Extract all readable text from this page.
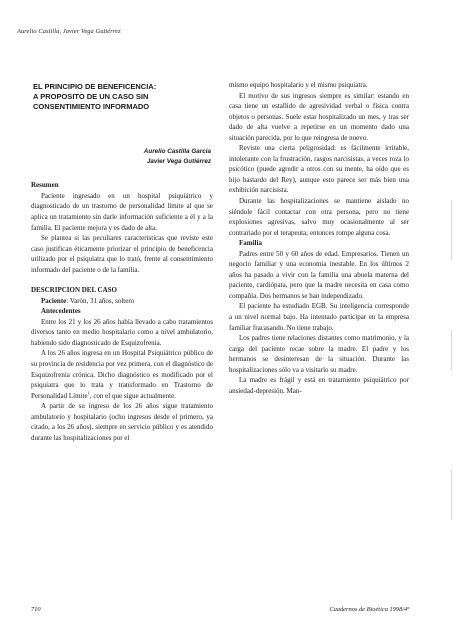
Aurelio Castilla, Javier Vega Gutiérrez
EL PRINCIPIO DE BENEFICENCIA:
A PROPOSITO DE UN CASO SIN
CONSENTIMIENTO INFORMADO
Aurelio Castilla García
Javier Vega Gutiérrez
Resumen

Paciente ingresado en un hospital psiquiátrico y diagnosticado de un trastorno de personalidad límite al que se aplica un tratamiento sin darle información suficiente a él y a la familia. El paciente mejora y es dado de alta.

Se plantea si las peculiares características que reviste este caso justifican éticamente priorizar el principio de beneficencia utilizado por el psiquiatra que lo trató, frente al consentimiento informado del paciente o de la familia.

DESCRIPCION DEL CASO
Paciente: Varón, 31 años, soltero
Antecedentes

Entre los 21 y los 26 años había llevado a cabo tratamientos diversos tanto en medio hospitalario como a nivel ambulatorio, habiendo sido diagnosticado de Esquizofrenia.

A los 26 años ingresa en un Hospital Psiquiátrico público de su provincia de residencia por vez primera, con el diagnóstico de Esquizofrenia crónica. Dicho diagnóstico es modificado por el psiquiatra que lo trata y transformado en Trastorno de Personalidad Límite$^1$, con el que sigue actualmente.

A partir de su ingreso de los 26 años sigue tratamiento ambulatorio y hospitalario (ocho ingresos desde el primero, ya citado, a los 26 años), siempre en servicio público y es atendido durante las hospitalizaciones por el

mismo equipo hospitalario y el mismo psiquiatra.

El motivo de sus ingresos siempre es similar: estando en casa tiene un estallido de agresividad verbal o física contra objetos o personas. Suele estar hospitalizado un mes, y tras ser dado de alta vuelve a repetirse en un momento dado una situación parecida, por lo que reingresa de nuevo.

Reviste una cierta peligrosidad: es fácilmente irritable, intolerante con la frustración, rasgos narcisistas, a veces roza lo psicótico (puede agredir a otros con su mente, ha oído que es hijo bastardo del Rey), aunque esto parece ser más bien una exhibición narcisista.

Durante las hospitalizaciones se mantiene aislado no siéndole fácil contactar con otra persona, pero no tiene explosiones agresivas, salvo muy ocasionalmente al ser contrariado por el terapeuta; entonces rompe alguna cosa.

Familia

Padres entre 50 y 60 años de edad. Empresarios. Tienen un negocio familiar y una economía inestable. En los últimos 2 años ha pasado a vivir con la familia una abuela materna del paciente, cardiópata, pero que la madre necesita en casa como compañía. Dos hermanos se han independizado.

El paciente ha estudiado EGB. Su inteligencia corresponde a un nivel normal bajo. Ha intentado participar en la empresa familiar fracasando. No tiene trabajo.

Los padres tiene relaciones distantes como matrimonio, y la carga del paciente recae sobre la madre. El padre y los hermanos se desinteresan de la situación. Durante las hospitalizaciones sólo va a visitarlo su madre.

La madre es frágil y está en tratamiento psiquiátrico por ansiedad-depresión. Man-

710	Cuadernos de Bioética 1998/4ª
